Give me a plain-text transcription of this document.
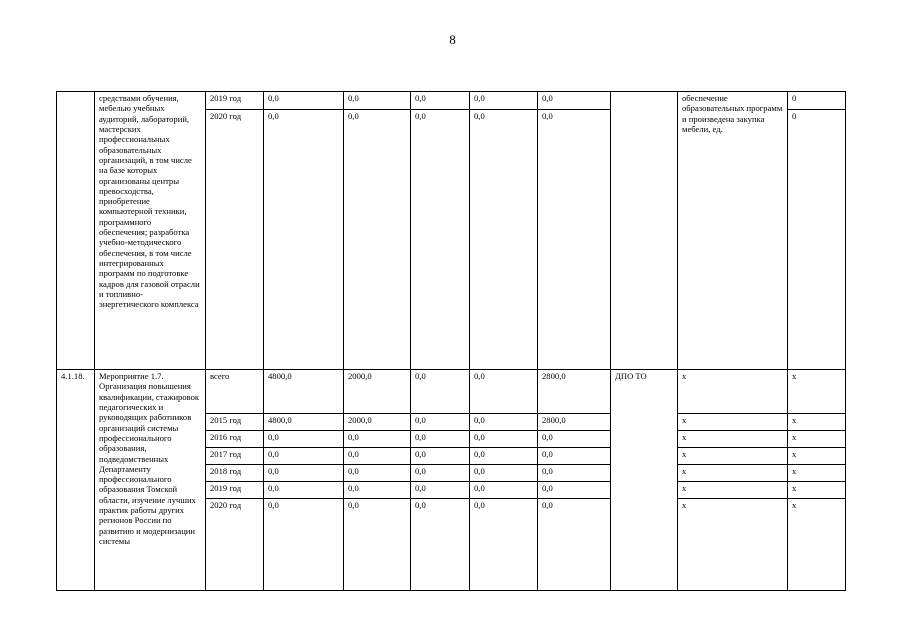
8
	средствами обучения, мебелью учебных аудиторий, лабораторий, мастерских профессиональных образовательных организаций, в том числе на базе которых организованы центры превосходства, приобретение компьютерной техники, программного обеспечения; разработка учебно-методического обеспечения, в том числе интегрированных программ по подготовке кадров для газовой отрасли и топливно-энергетического комплекса	2019 год	0,0	0,0	0,0	0,0	0,0		обеспечение образовательных программ и произведена закупка мебели, ед.	0
		2020 год	0,0	0,0	0,0	0,0	0,0			0
4.1.18.	Мероприятие 1.7. Организация повышения квалификации, стажировок педагогических и руководящих работников организаций системы профессионального образования, подведомственных Департаменту профессионального образования Томской области, изучение лучших практик работы других регионов России по развитию и модернизации системы	всего	4800,0	2000,0	0,0	0,0	2800,0	ДПО ТО	x	x
		2015 год	4800,0	2000,0	0,0	0,0	2800,0		x	x
		2016 год	0,0	0,0	0,0	0,0	0,0		x	x
		2017 год	0,0	0,0	0,0	0,0	0,0		x	x
		2018 год	0,0	0,0	0,0	0,0	0,0		x	x
		2019 год	0,0	0,0	0,0	0,0	0,0		x	x
		2020 год	0,0	0,0	0,0	0,0	0,0		x	x
